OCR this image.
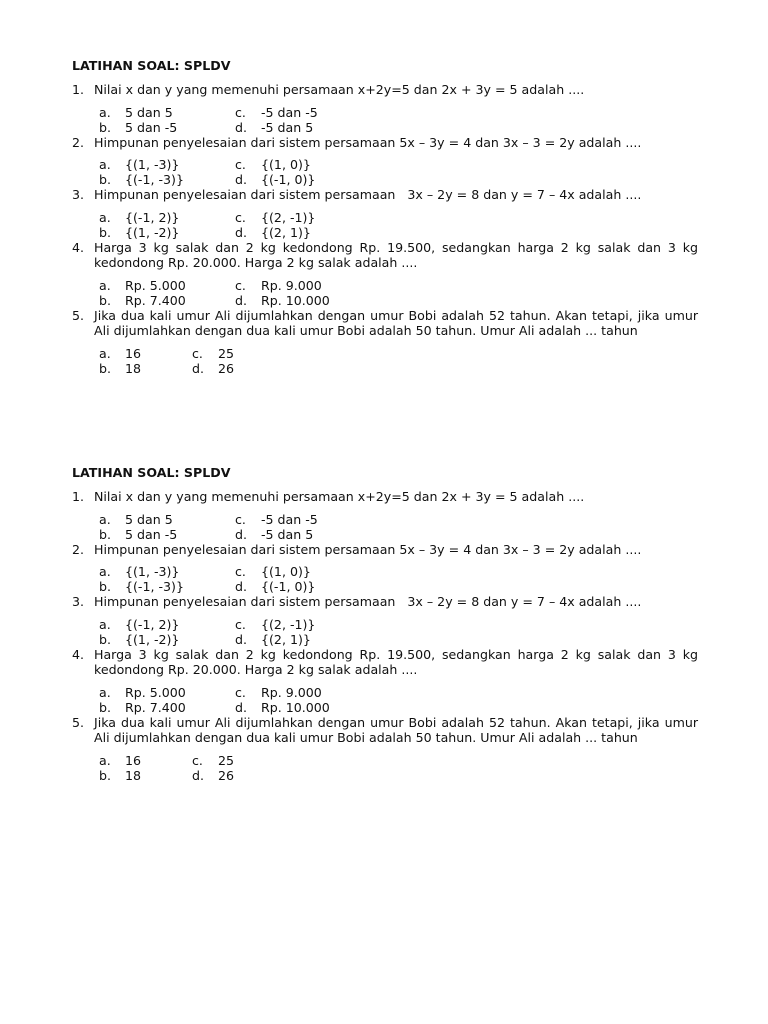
LATIHAN SOAL: SPLDV
1. Nilai x dan y yang memenuhi persamaan x+2y=5 dan 2x + 3y = 5 adalah ....
a.	5 dan 5	c.	-5 dan -5
b.	5 dan -5	d.	-5 dan 5
2. Himpunan penyelesaian dari sistem persamaan 5x – 3y = 4 dan 3x – 3 = 2y adalah ....
a.	{(1, -3)}	c.	{(1, 0)}
b.	{(-1, -3)}	d.	{(-1, 0)}
3. Himpunan penyelesaian dari sistem persamaan   3x – 2y = 8 dan y = 7 – 4x adalah ....
a.	{(-1, 2)}	c.	{(2, -1)}
b.	{(1, -2)}	d.	{(2, 1)}
4. Harga 3 kg salak dan 2 kg kedondong Rp. 19.500, sedangkan harga 2 kg salak dan 3 kg kedondong Rp. 20.000. Harga 2 kg salak adalah ....
a.	Rp. 5.000	c.	Rp. 9.000
b.	Rp. 7.400	d.	Rp. 10.000
5. Jika dua kali umur Ali dijumlahkan dengan umur Bobi adalah 52 tahun. Akan tetapi, jika umur Ali dijumlahkan dengan dua kali umur Bobi adalah 50 tahun. Umur Ali adalah ... tahun
a.	16	c.	25
b.	18	d.	26
LATIHAN SOAL: SPLDV
1. Nilai x dan y yang memenuhi persamaan x+2y=5 dan 2x + 3y = 5 adalah ....
a.	5 dan 5	c.	-5 dan -5
b.	5 dan -5	d.	-5 dan 5
2. Himpunan penyelesaian dari sistem persamaan 5x – 3y = 4 dan 3x – 3 = 2y adalah ....
a.	{(1, -3)}	c.	{(1, 0)}
b.	{(-1, -3)}	d.	{(-1, 0)}
3. Himpunan penyelesaian dari sistem persamaan   3x – 2y = 8 dan y = 7 – 4x adalah ....
a.	{(-1, 2)}	c.	{(2, -1)}
b.	{(1, -2)}	d.	{(2, 1)}
4. Harga 3 kg salak dan 2 kg kedondong Rp. 19.500, sedangkan harga 2 kg salak dan 3 kg kedondong Rp. 20.000. Harga 2 kg salak adalah ....
a.	Rp. 5.000	c.	Rp. 9.000
b.	Rp. 7.400	d.	Rp. 10.000
5. Jika dua kali umur Ali dijumlahkan dengan umur Bobi adalah 52 tahun. Akan tetapi, jika umur Ali dijumlahkan dengan dua kali umur Bobi adalah 50 tahun. Umur Ali adalah ... tahun
a.	16	c.	25
b.	18	d.	26
